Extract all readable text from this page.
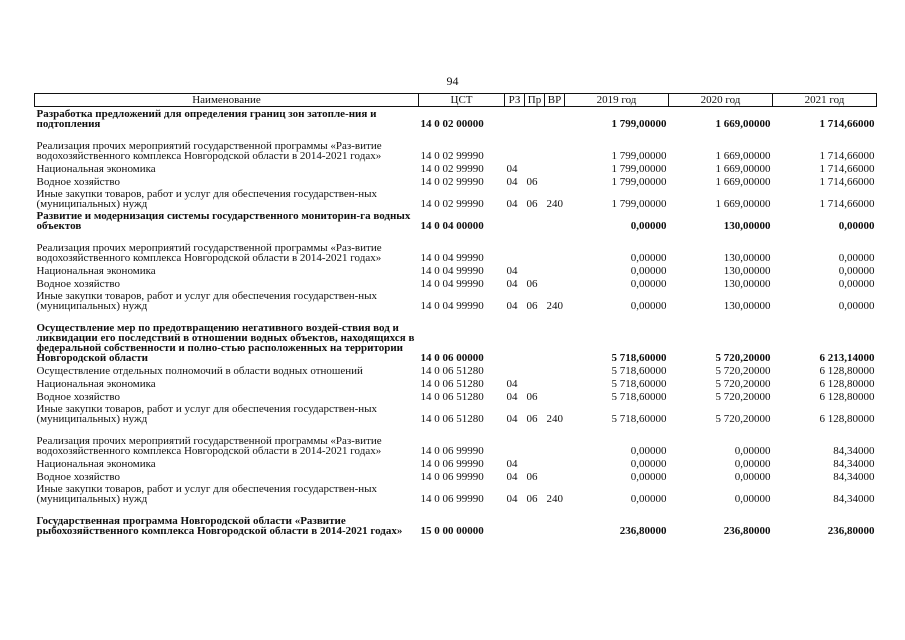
94
Наименование	ЦСТ	РЗ	Пр	ВР	2019 год	2020 год	2021 год
Разработка предложений для определения границ зон затопле-ния и подтопления	14 0 02 00000				1 799,00000	1 669,00000	1 714,66000
Реализация прочих мероприятий государственной программы «Раз-витие водохозяйственного комплекса Новгородской области в 2014-2021 годах»	14 0 02 99990				1 799,00000	1 669,00000	1 714,66000
Национальная экономика	14 0 02 99990	04			1 799,00000	1 669,00000	1 714,66000
Водное хозяйство	14 0 02 99990	04	06		1 799,00000	1 669,00000	1 714,66000
Иные закупки товаров, работ и услуг для обеспечения государствен-ных (муниципальных) нужд	14 0 02 99990	04	06	240	1 799,00000	1 669,00000	1 714,66000
Развитие и модернизация системы государственного мониторин-га водных объектов	14 0 04 00000				0,00000	130,00000	0,00000
Реализация прочих мероприятий государственной программы «Раз-витие водохозяйственного комплекса Новгородской области в 2014-2021 годах»	14 0 04 99990				0,00000	130,00000	0,00000
Национальная экономика	14 0 04 99990	04			0,00000	130,00000	0,00000
Водное хозяйство	14 0 04 99990	04	06		0,00000	130,00000	0,00000
Иные закупки товаров, работ и услуг для обеспечения государствен-ных (муниципальных) нужд	14 0 04 99990	04	06	240	0,00000	130,00000	0,00000
Осуществление мер по предотвращению негативного воздей-ствия вод и ликвидации его последствий в отношении водных объектов, находящихся в федеральной собственности и полно-стью расположенных на территории Новгородской области	14 0 06 00000				5 718,60000	5 720,20000	6 213,14000
Осуществление отдельных полномочий в области водных отношений	14 0 06 51280				5 718,60000	5 720,20000	6 128,80000
Национальная экономика	14 0 06 51280	04			5 718,60000	5 720,20000	6 128,80000
Водное хозяйство	14 0 06 51280	04	06		5 718,60000	5 720,20000	6 128,80000
Иные закупки товаров, работ и услуг для обеспечения государствен-ных (муниципальных) нужд	14 0 06 51280	04	06	240	5 718,60000	5 720,20000	6 128,80000
Реализация прочих мероприятий государственной программы «Раз-витие водохозяйственного комплекса Новгородской области в 2014-2021 годах»	14 0 06 99990				0,00000	0,00000	84,34000
Национальная экономика	14 0 06 99990	04			0,00000	0,00000	84,34000
Водное хозяйство	14 0 06 99990	04	06		0,00000	0,00000	84,34000
Иные закупки товаров, работ и услуг для обеспечения государствен-ных (муниципальных) нужд	14 0 06 99990	04	06	240	0,00000	0,00000	84,34000
Государственная программа Новгородской области «Развитие рыбохозяйственного комплекса Новгородской области в 2014-2021 годах»	15 0 00 00000				236,80000	236,80000	236,80000
